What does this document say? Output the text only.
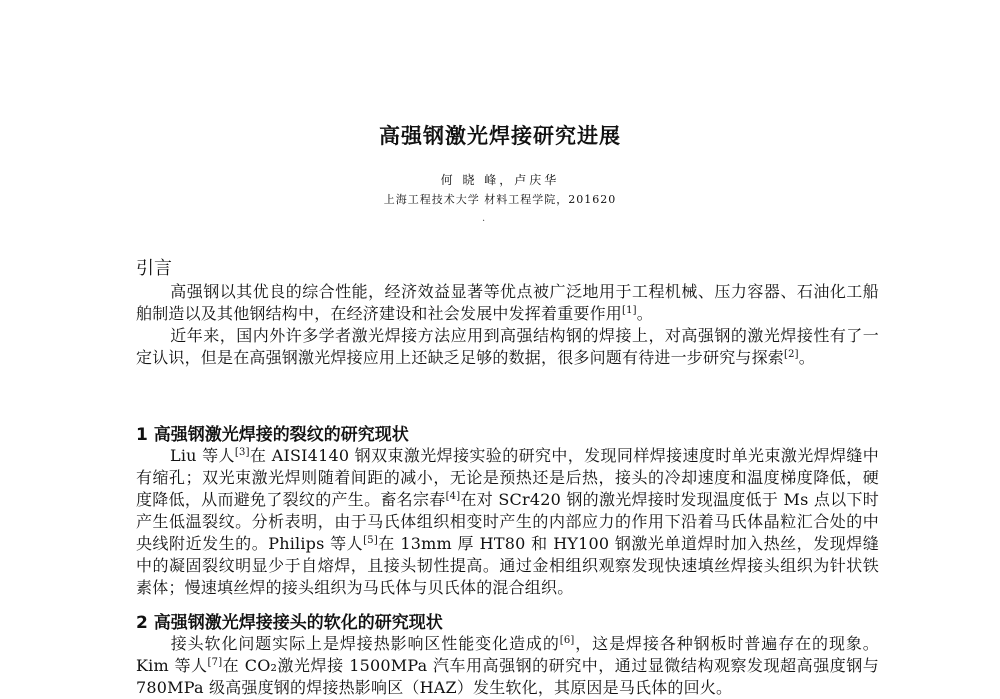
高强钢激光焊接研究进展
何 晓 峰，卢庆华
上海工程技术大学 材料工程学院，201620
·
引言
高强钢以其优良的综合性能，经济效益显著等优点被广泛地用于工程机械、压力容器、石油化工船舶制造以及其他钢结构中，在经济建设和社会发展中发挥着重要作用[1]。
近年来，国内外许多学者激光焊接方法应用到高强结构钢的焊接上，对高强钢的激光焊接性有了一定认识，但是在高强钢激光焊接应用上还缺乏足够的数据，很多问题有待进一步研究与探索[2]。
1 高强钢激光焊接的裂纹的研究现状
Liu 等人[3]在 AISI4140 钢双束激光焊接实验的研究中，发现同样焊接速度时单光束激光焊焊缝中有缩孔；双光束激光焊则随着间距的减小，无论是预热还是后热，接头的冷却速度和温度梯度降低，硬度降低，从而避免了裂纹的产生。畜名宗春[4]在对 SCr420 钢的激光焊接时发现温度低于 Ms 点以下时产生低温裂纹。分析表明，由于马氏体组织相变时产生的内部应力的作用下沿着马氏体晶粒汇合处的中央线附近发生的。Philips 等人[5]在 13mm 厚 HT80 和 HY100 钢激光单道焊时加入热丝，发现焊缝中的凝固裂纹明显少于自熔焊，且接头韧性提高。通过金相组织观察发现快速填丝焊接头组织为针状铁素体；慢速填丝焊的接头组织为马氏体与贝氏体的混合组织。
2 高强钢激光焊接接头的软化的研究现状
接头软化问题实际上是焊接热影响区性能变化造成的[6]，这是焊接各种钢板时普遍存在的现象。Kim 等人[7]在 CO₂激光焊接 1500MPa 汽车用高强钢的研究中，通过显微结构观察发现超高强度钢与 780MPa 级高强度钢的焊接热影响区（HAZ）发生软化，其原因是马氏体的回火。
